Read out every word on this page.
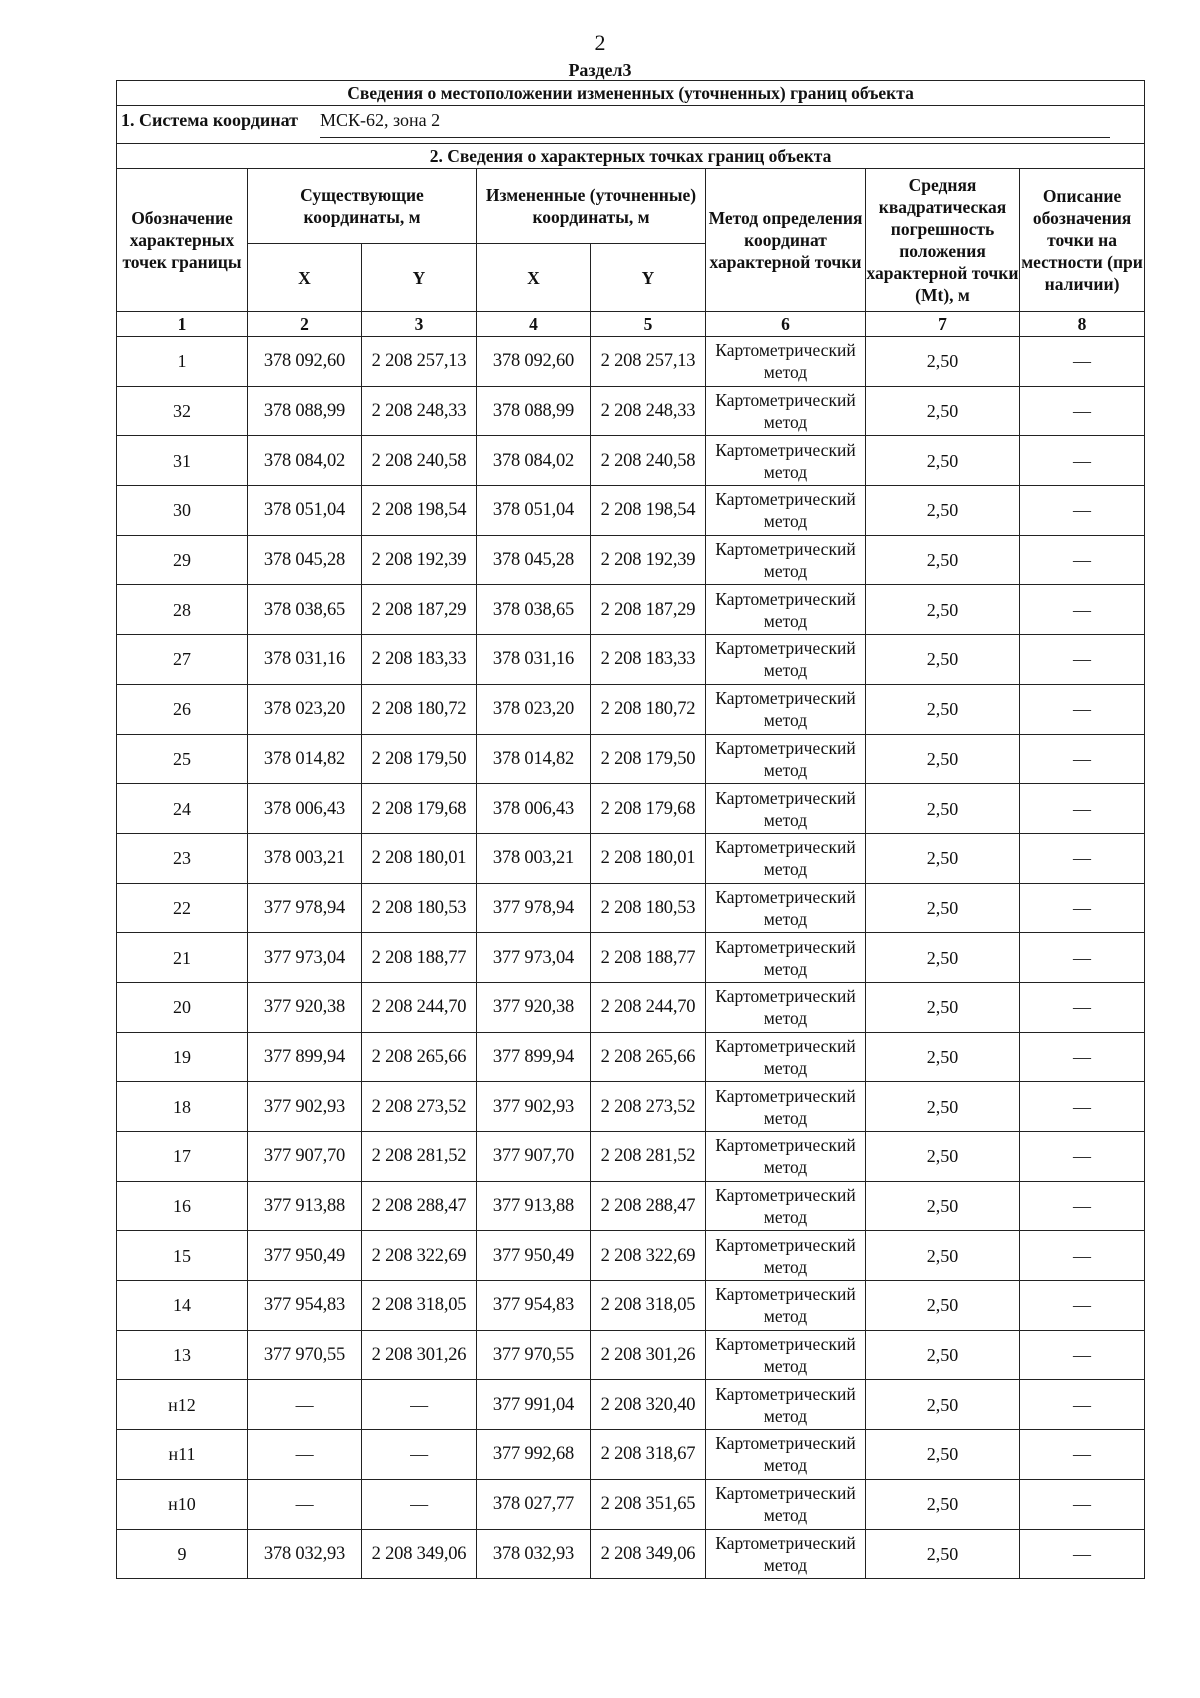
2
Раздел3
Сведения о местоположении измененных (уточненных) границ объекта							
1. Система координат МСК-62, зона 2							
2. Сведения о характерных точках границ объекта							
Обозначение характерных точек границы	Существующие координаты, м		Измененные (уточненные) координаты, м		Метод определения координат характерной точки	Средняя квадратическая погрешность положения характерной точки (Mt), м	Описание обозначения точки на местности (при наличии)
	X	Y	X	Y			
1	2	3	4	5	6	7	8
1	378 092,60	2 208 257,13	378 092,60	2 208 257,13	Картометрический метод	2,50	—
32	378 088,99	2 208 248,33	378 088,99	2 208 248,33	Картометрический метод	2,50	—
31	378 084,02	2 208 240,58	378 084,02	2 208 240,58	Картометрический метод	2,50	—
30	378 051,04	2 208 198,54	378 051,04	2 208 198,54	Картометрический метод	2,50	—
29	378 045,28	2 208 192,39	378 045,28	2 208 192,39	Картометрический метод	2,50	—
28	378 038,65	2 208 187,29	378 038,65	2 208 187,29	Картометрический метод	2,50	—
27	378 031,16	2 208 183,33	378 031,16	2 208 183,33	Картометрический метод	2,50	—
26	378 023,20	2 208 180,72	378 023,20	2 208 180,72	Картометрический метод	2,50	—
25	378 014,82	2 208 179,50	378 014,82	2 208 179,50	Картометрический метод	2,50	—
24	378 006,43	2 208 179,68	378 006,43	2 208 179,68	Картометрический метод	2,50	—
23	378 003,21	2 208 180,01	378 003,21	2 208 180,01	Картометрический метод	2,50	—
22	377 978,94	2 208 180,53	377 978,94	2 208 180,53	Картометрический метод	2,50	—
21	377 973,04	2 208 188,77	377 973,04	2 208 188,77	Картометрический метод	2,50	—
20	377 920,38	2 208 244,70	377 920,38	2 208 244,70	Картометрический метод	2,50	—
19	377 899,94	2 208 265,66	377 899,94	2 208 265,66	Картометрический метод	2,50	—
18	377 902,93	2 208 273,52	377 902,93	2 208 273,52	Картометрический метод	2,50	—
17	377 907,70	2 208 281,52	377 907,70	2 208 281,52	Картометрический метод	2,50	—
16	377 913,88	2 208 288,47	377 913,88	2 208 288,47	Картометрический метод	2,50	—
15	377 950,49	2 208 322,69	377 950,49	2 208 322,69	Картометрический метод	2,50	—
14	377 954,83	2 208 318,05	377 954,83	2 208 318,05	Картометрический метод	2,50	—
13	377 970,55	2 208 301,26	377 970,55	2 208 301,26	Картометрический метод	2,50	—
н12	—	—	377 991,04	2 208 320,40	Картометрический метод	2,50	—
н11	—	—	377 992,68	2 208 318,67	Картометрический метод	2,50	—
н10	—	—	378 027,77	2 208 351,65	Картометрический метод	2,50	—
9	378 032,93	2 208 349,06	378 032,93	2 208 349,06	Картометрический метод	2,50	—
